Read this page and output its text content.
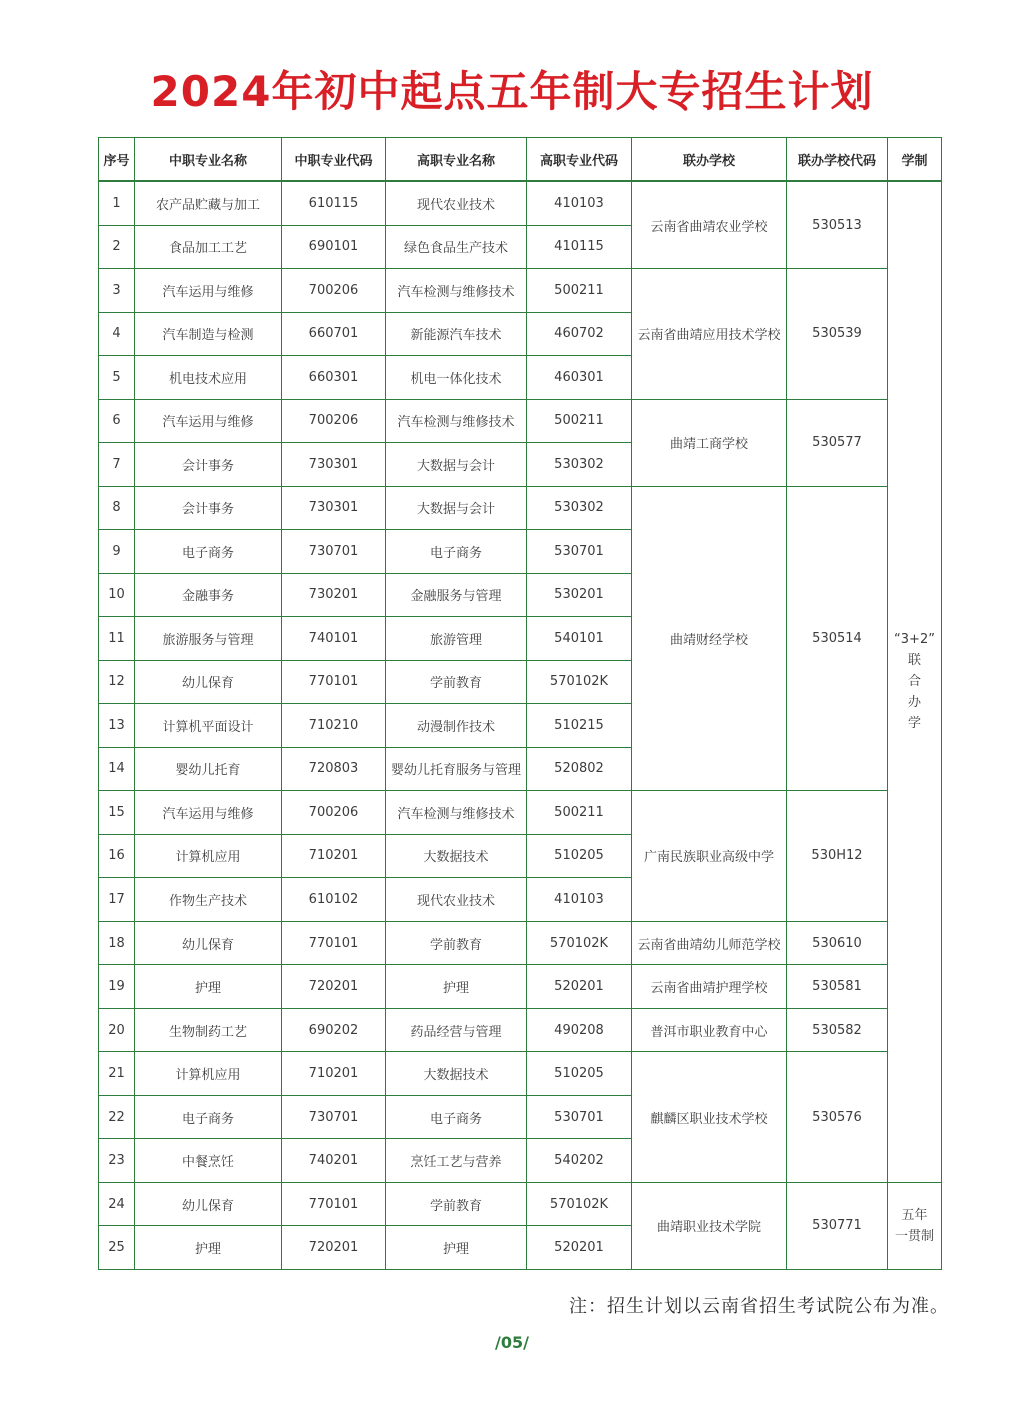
2024年初中起点五年制大专招生计划
序号	中职专业名称	中职专业代码	高职专业名称	高职专业代码	联办学校	联办学校代码	学制
1	农产品贮藏与加工	610115	现代农业技术	410103	云南省曲靖农业学校	530513	“3+2”
联
合
办
学

2	食品加工工艺	690101	绿色食品生产技术	410115			
3	汽车运用与维修	700206	汽车检测与维修技术	500211	云南省曲靖应用技术学校	530539	
4	汽车制造与检测	660701	新能源汽车技术	460702			
5	机电技术应用	660301	机电一体化技术	460301			
6	汽车运用与维修	700206	汽车检测与维修技术	500211	曲靖工商学校	530577	
7	会计事务	730301	大数据与会计	530302			
8	会计事务	730301	大数据与会计	530302	曲靖财经学校	530514	
9	电子商务	730701	电子商务	530701			
10	金融事务	730201	金融服务与管理	530201			
11	旅游服务与管理	740101	旅游管理	540101			
12	幼儿保育	770101	学前教育	570102K			
13	计算机平面设计	710210	动漫制作技术	510215			
14	婴幼儿托育	720803	婴幼儿托育服务与管理	520802			
15	汽车运用与维修	700206	汽车检测与维修技术	500211	广南民族职业高级中学	530H12	
16	计算机应用	710201	大数据技术	510205			
17	作物生产技术	610102	现代农业技术	410103			
18	幼儿保育	770101	学前教育	570102K	云南省曲靖幼儿师范学校	530610	
19	护理	720201	护理	520201	云南省曲靖护理学校	530581	
20	生物制药工艺	690202	药品经营与管理	490208	普洱市职业教育中心	530582	
21	计算机应用	710201	大数据技术	510205	麒麟区职业技术学校	530576	
22	电子商务	730701	电子商务	530701			
23	中餐烹饪	740201	烹饪工艺与营养	540202			
24	幼儿保育	770101	学前教育	570102K	曲靖职业技术学院	530771	五年
一贯制

25	护理	720201	护理	520201			
注：招生计划以云南省招生考试院公布为准。
/05/
